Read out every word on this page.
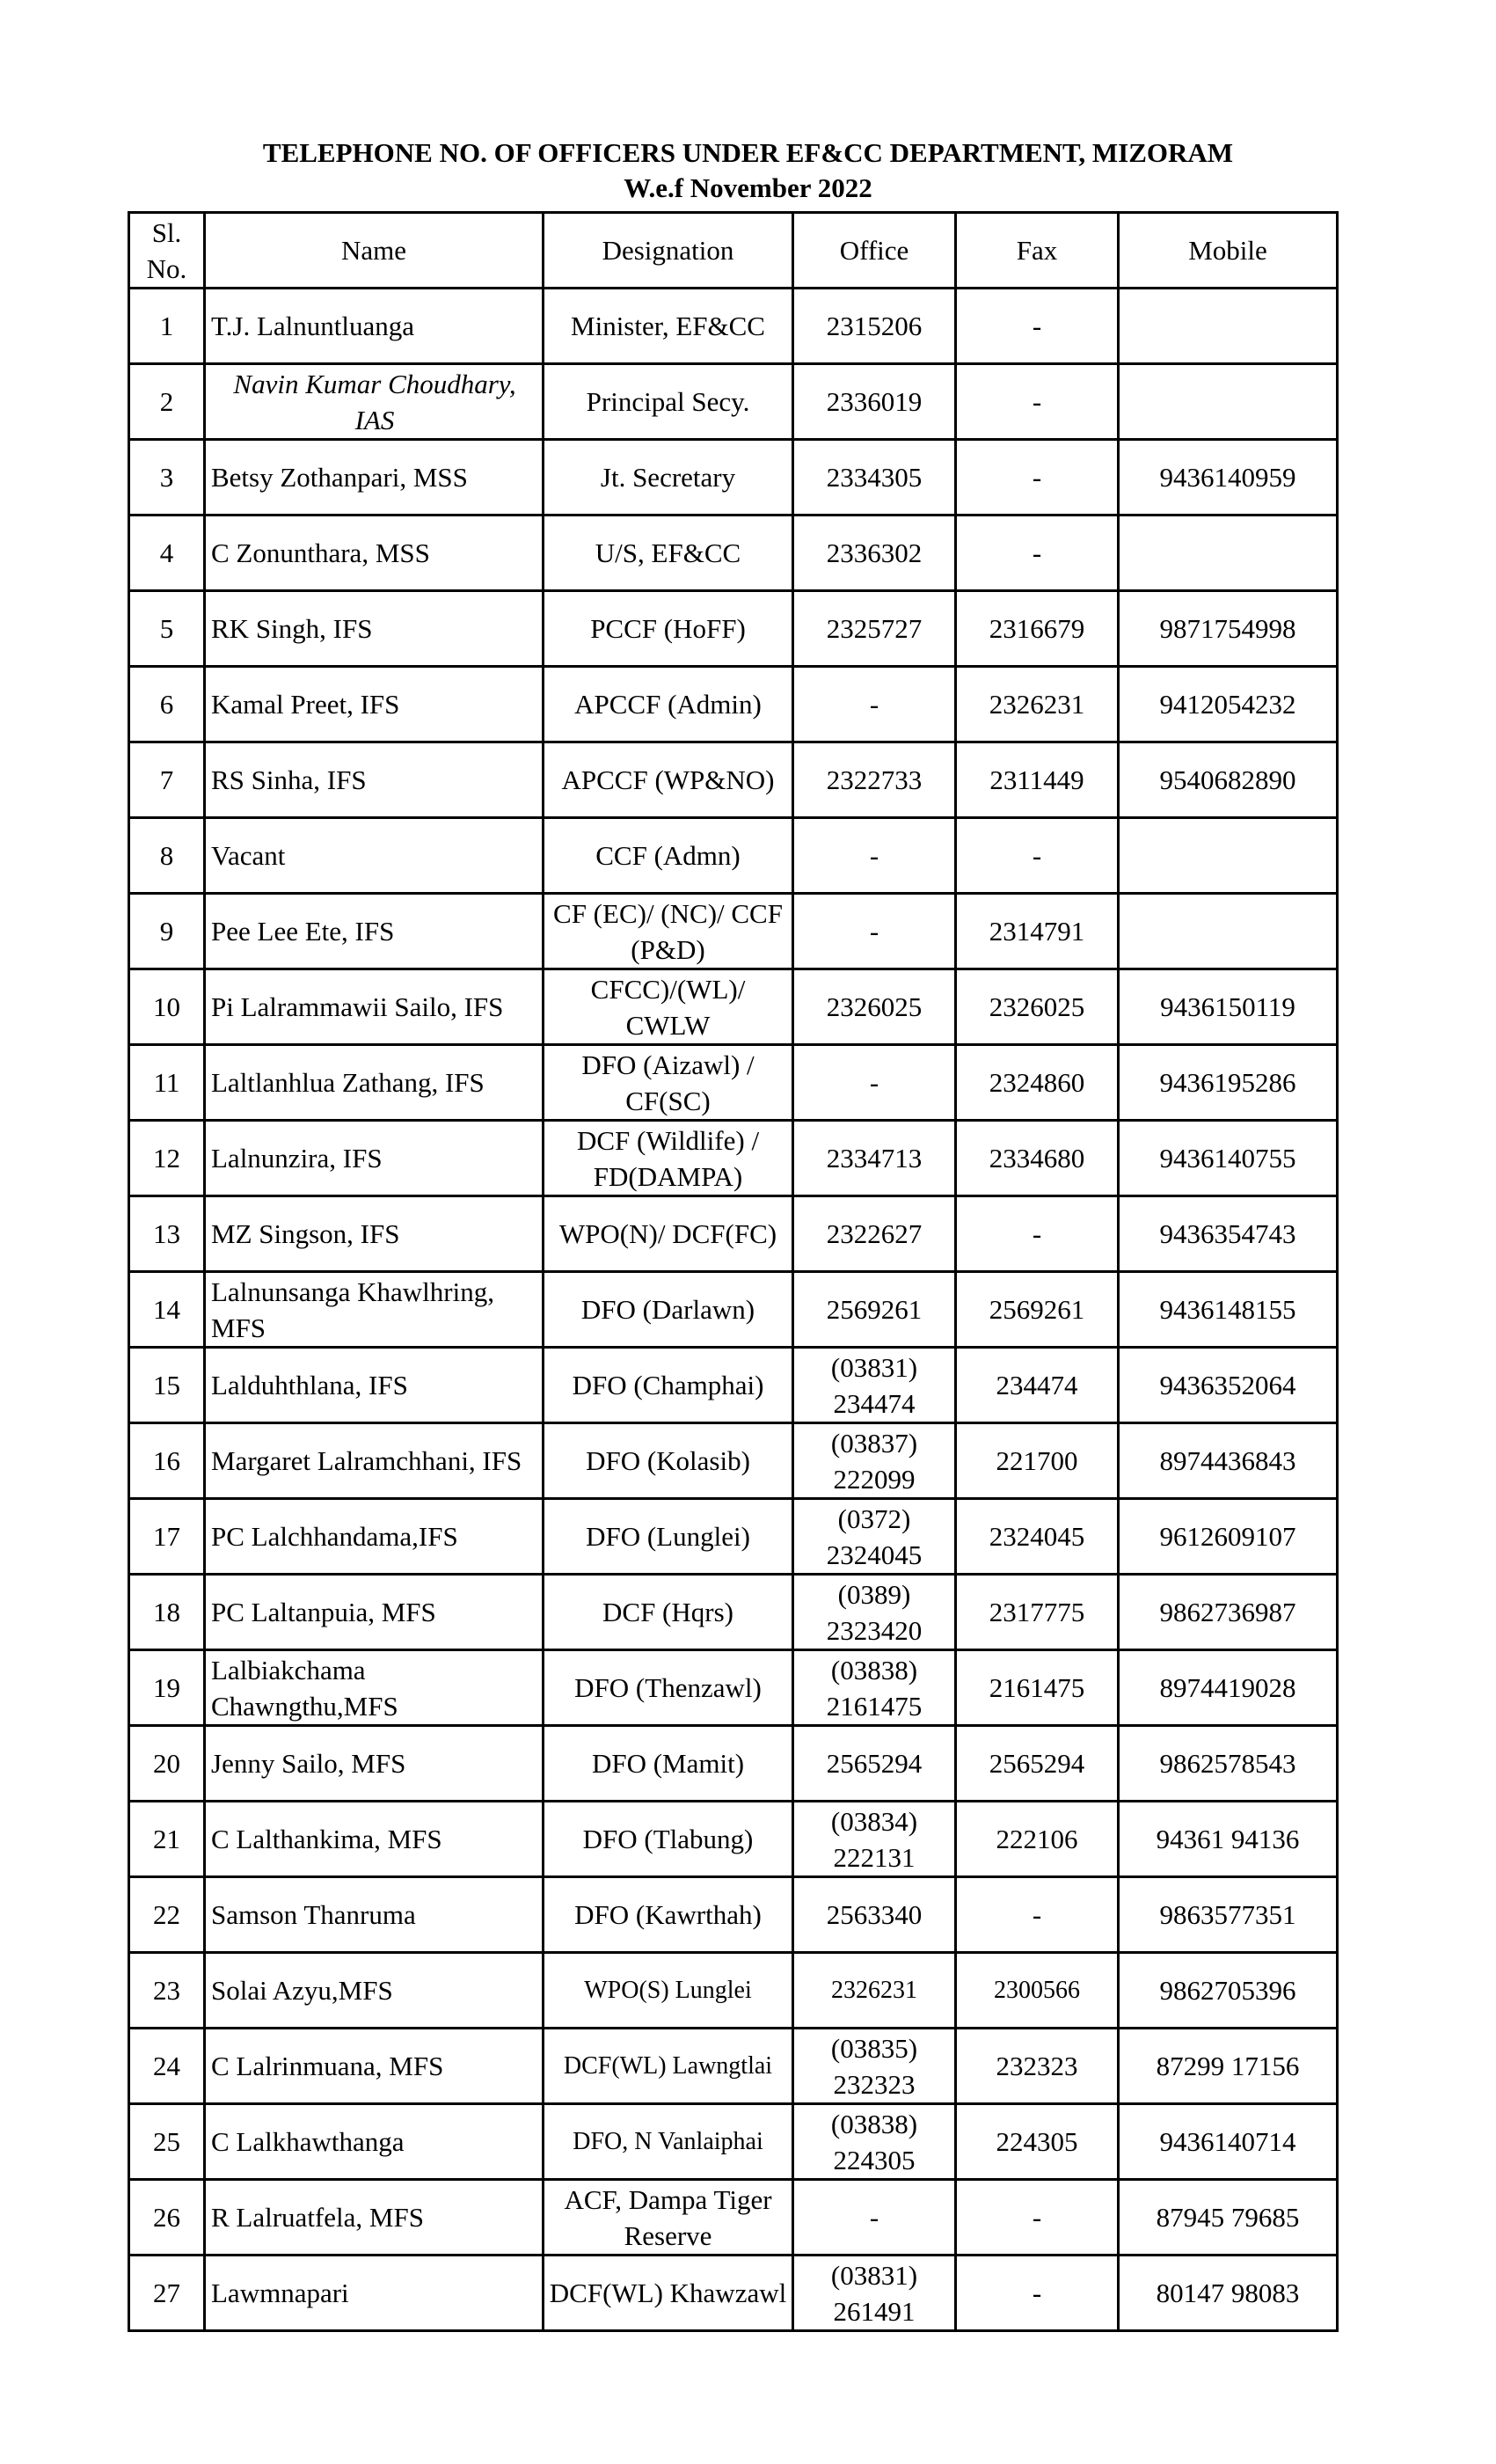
TELEPHONE NO. OF OFFICERS UNDER EF&CC DEPARTMENT, MIZORAM
W.e.f November 2022
Sl. No.	Name	Designation	Office	Fax	Mobile
1	T.J. Lalnuntluanga	Minister, EF&CC	2315206	-	
2	Navin Kumar Choudhary, IAS	Principal Secy.	2336019	-	
3	Betsy Zothanpari, MSS	Jt. Secretary	2334305	-	9436140959
4	C Zonunthara, MSS	U/S, EF&CC	2336302	-	
5	RK Singh, IFS	PCCF (HoFF)	2325727	2316679	9871754998
6	Kamal Preet, IFS	APCCF (Admin)	-	2326231	9412054232
7	RS Sinha, IFS	APCCF (WP&NO)	2322733	2311449	9540682890
8	Vacant	CCF (Admn)	-	-	
9	Pee Lee Ete, IFS	CF (EC)/ (NC)/ CCF (P&D)	-	2314791	
10	Pi Lalrammawii Sailo, IFS	CFCC)/(WL)/ CWLW	2326025	2326025	9436150119
11	Laltlanhlua Zathang, IFS	DFO (Aizawl) / CF(SC)	-	2324860	9436195286
12	Lalnunzira, IFS	DCF (Wildlife) / FD(DAMPA)	2334713	2334680	9436140755
13	MZ Singson, IFS	WPO(N)/ DCF(FC)	2322627	-	9436354743
14	Lalnunsanga Khawlhring, MFS	DFO (Darlawn)	2569261	2569261	9436148155
15	Lalduhthlana, IFS	DFO (Champhai)	(03831) 234474	234474	9436352064
16	Margaret Lalramchhani, IFS	DFO (Kolasib)	(03837) 222099	221700	8974436843
17	PC Lalchhandama,IFS	DFO (Lunglei)	(0372) 2324045	2324045	9612609107
18	PC Laltanpuia, MFS	DCF (Hqrs)	(0389) 2323420	2317775	9862736987
19	Lalbiakchama Chawngthu,MFS	DFO (Thenzawl)	(03838) 2161475	2161475	8974419028
20	Jenny Sailo, MFS	DFO (Mamit)	2565294	2565294	9862578543
21	C Lalthankima, MFS	DFO (Tlabung)	(03834) 222131	222106	94361 94136
22	Samson Thanruma	DFO (Kawrthah)	2563340	-	9863577351
23	Solai Azyu,MFS	WPO(S) Lunglei	2326231	2300566	9862705396
24	C Lalrinmuana, MFS	DCF(WL) Lawngtlai	(03835) 232323	232323	87299 17156
25	C Lalkhawthanga	DFO, N Vanlaiphai	(03838) 224305	224305	9436140714
26	R Lalruatfela, MFS	ACF, Dampa Tiger Reserve	-	-	87945 79685
27	Lawmnapari	DCF(WL) Khawzawl	(03831) 261491	-	80147 98083
